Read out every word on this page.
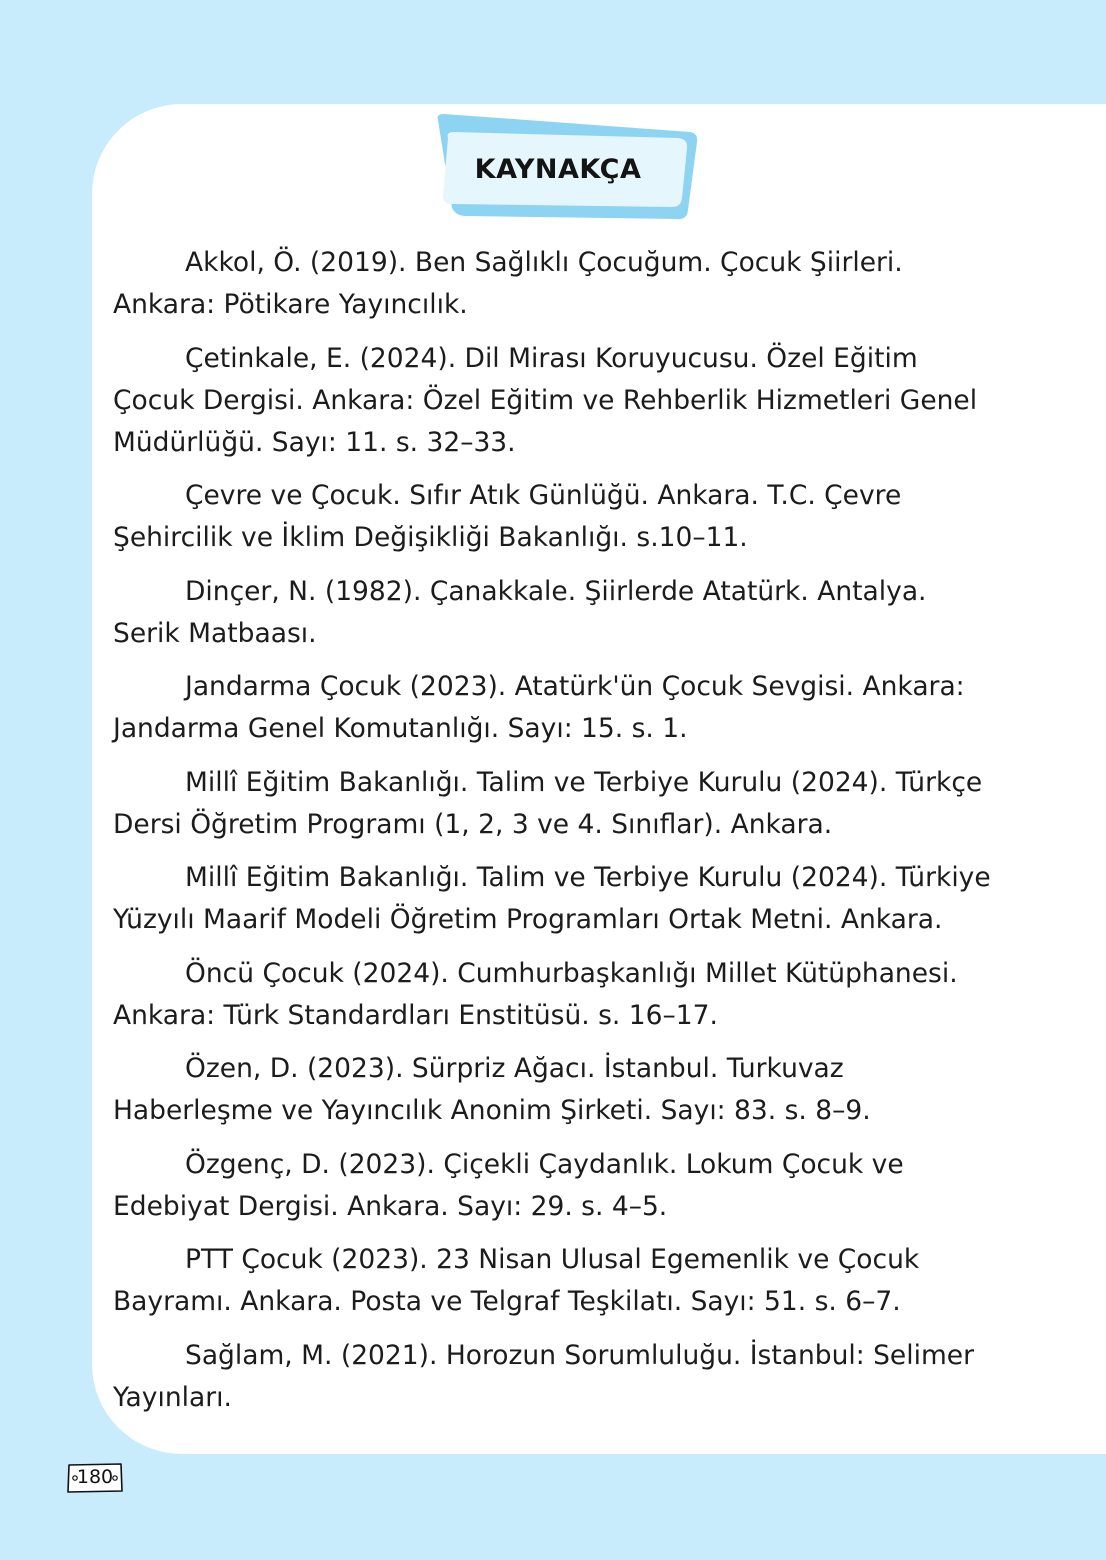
KAYNAKÇA
Akkol, Ö. (2019). Ben Sağlıklı Çocuğum. Çocuk Şiirleri. Ankara: Pötikare Yayıncılık.
Çetinkale, E. (2024). Dil Mirası Koruyucusu. Özel Eğitim Çocuk Dergisi. Ankara: Özel Eğitim ve Rehberlik Hizmetleri Genel Müdürlüğü. Sayı: 11. s. 32–33.
Çevre ve Çocuk. Sıfır Atık Günlüğü. Ankara. T.C. Çevre Şehircilik ve İklim Değişikliği Bakanlığı. s.10–11.
Dinçer, N. (1982). Çanakkale. Şiirlerde Atatürk. Antalya. Serik Matbaası.
Jandarma Çocuk (2023). Atatürk'ün Çocuk Sevgisi. Ankara: Jandarma Genel Komutanlığı. Sayı: 15. s. 1.
Millî Eğitim Bakanlığı. Talim ve Terbiye Kurulu (2024). Türkçe Dersi Öğretim Programı (1, 2, 3 ve 4. Sınıflar). Ankara.
Millî Eğitim Bakanlığı. Talim ve Terbiye Kurulu (2024). Türkiye Yüzyılı Maarif Modeli Öğretim Programları Ortak Metni. Ankara.
Öncü Çocuk (2024). Cumhurbaşkanlığı Millet Kütüphanesi. Ankara: Türk Standardları Enstitüsü. s. 16–17.
Özen, D. (2023). Sürpriz Ağacı. İstanbul. Turkuvaz Haberleşme ve Yayıncılık Anonim Şirketi. Sayı: 83. s. 8–9.
Özgenç, D. (2023). Çiçekli Çaydanlık. Lokum Çocuk ve Edebiyat Dergisi. Ankara. Sayı: 29. s. 4–5.
PTT Çocuk (2023). 23 Nisan Ulusal Egemenlik ve Çocuk Bayramı. Ankara. Posta ve Telgraf Teşkilatı. Sayı: 51. s. 6–7.
Sağlam, M. (2021). Horozun Sorumluluğu. İstanbul: Selimer Yayınları.
180
